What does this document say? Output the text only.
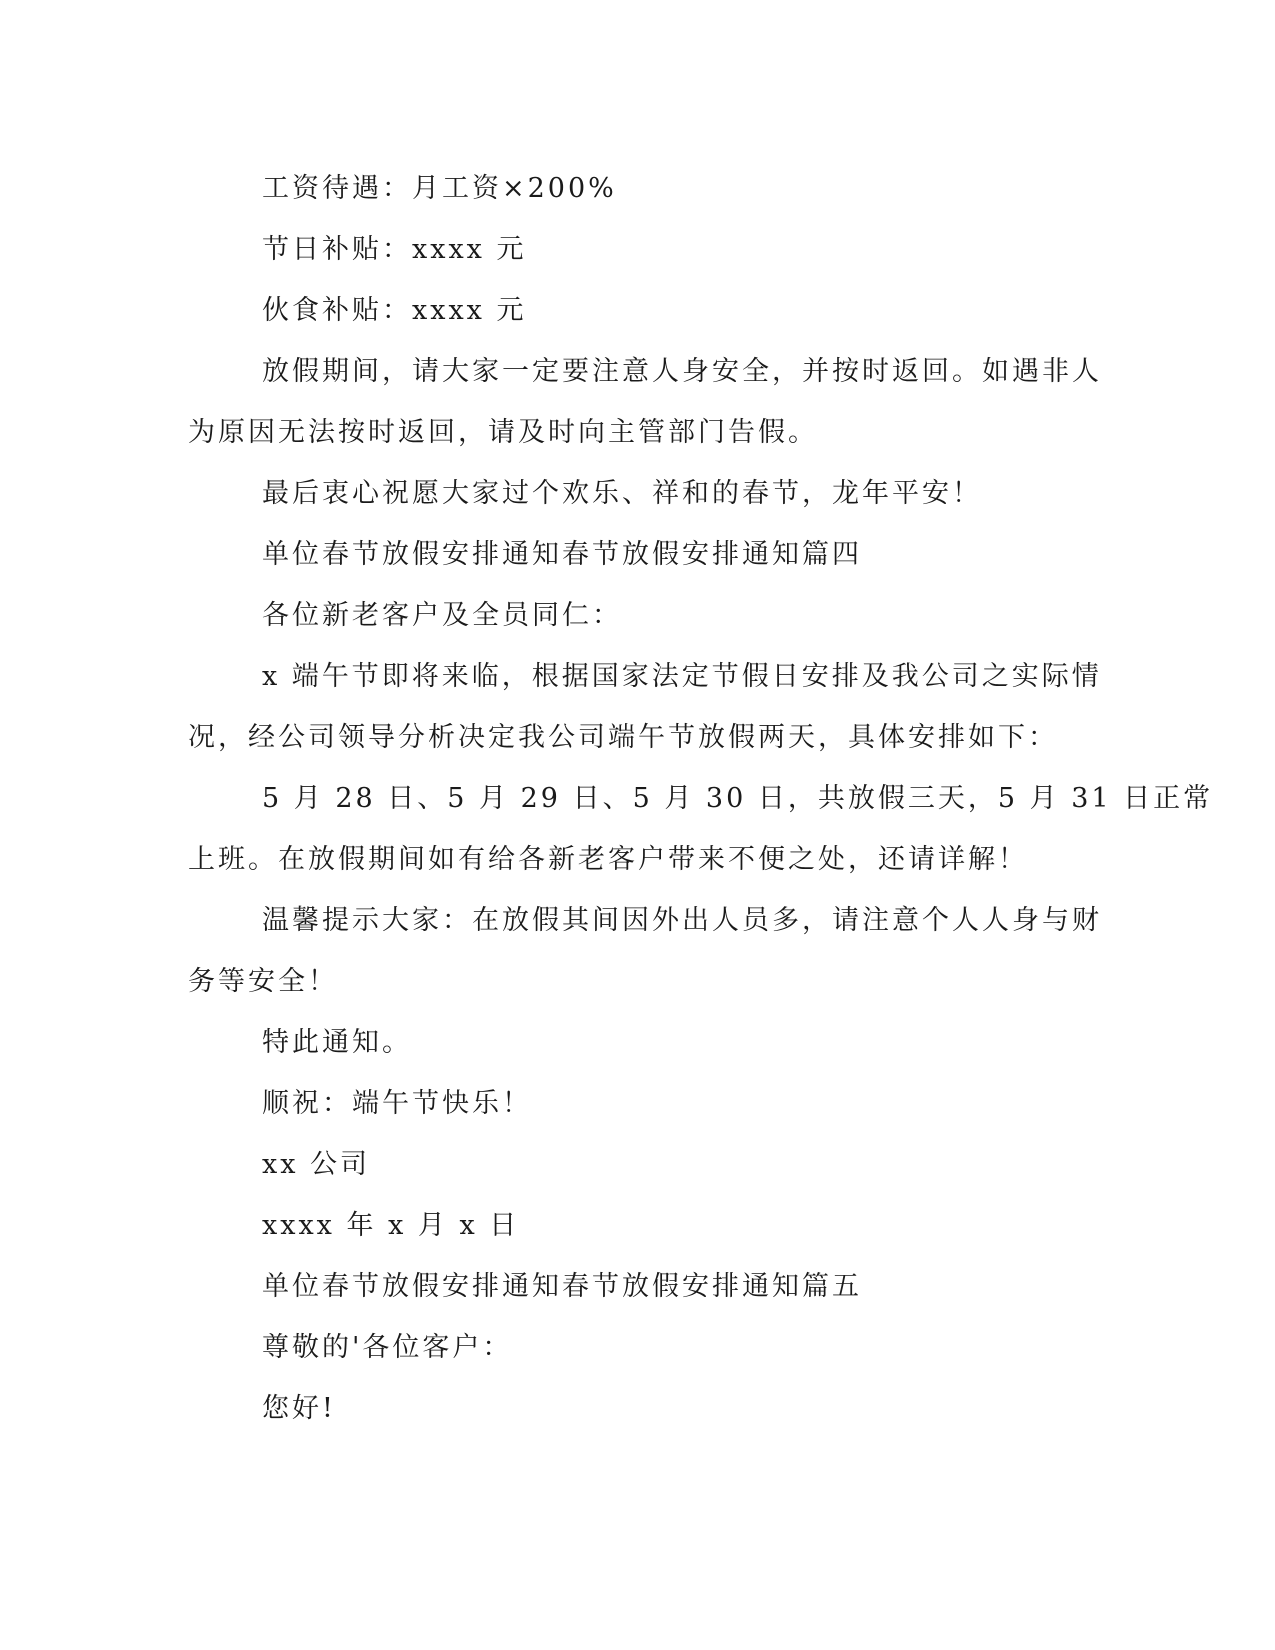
工资待遇：月工资×200%

节日补贴：xxxx 元

伙食补贴：xxxx 元

放假期间，请大家一定要注意人身安全，并按时返回。如遇非人

为原因无法按时返回，请及时向主管部门告假。

最后衷心祝愿大家过个欢乐、祥和的春节，龙年平安！

单位春节放假安排通知春节放假安排通知篇四

各位新老客户及全员同仁：

x 端午节即将来临，根据国家法定节假日安排及我公司之实际情

况，经公司领导分析决定我公司端午节放假两天，具体安排如下：

5 月 28 日、5 月 29 日、5 月 30 日，共放假三天，5 月 31 日正常

上班。在放假期间如有给各新老客户带来不便之处，还请详解！

温馨提示大家：在放假其间因外出人员多，请注意个人人身与财

务等安全！

特此通知。

顺祝：端午节快乐！

xx 公司

xxxx 年 x 月 x 日

单位春节放假安排通知春节放假安排通知篇五

尊敬的'各位客户：

您好!
